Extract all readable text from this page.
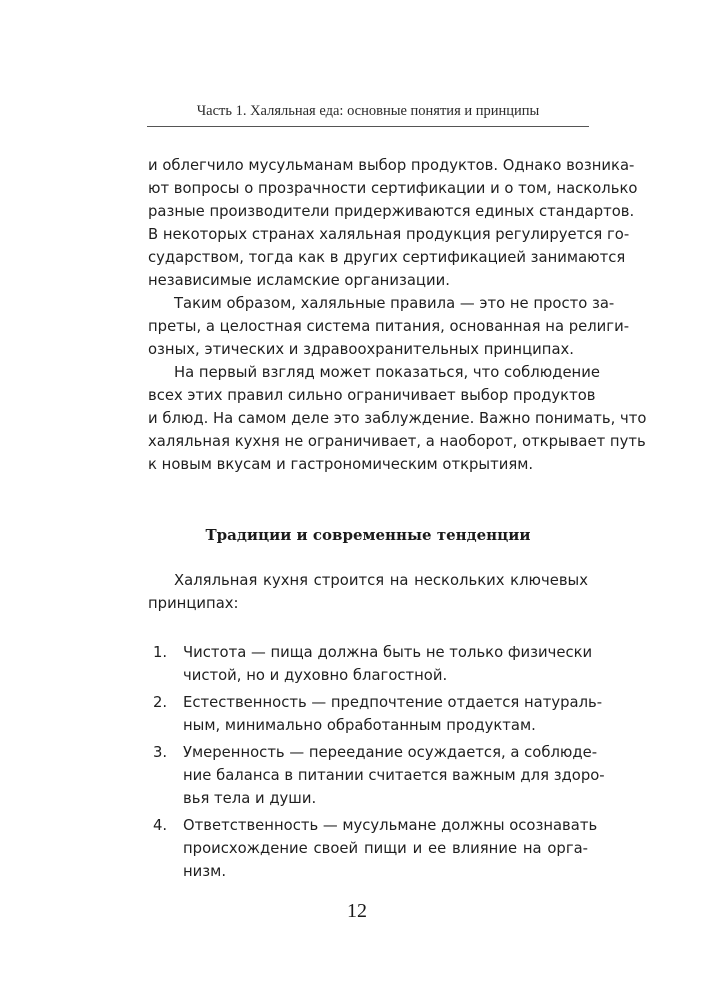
Часть 1. Халяльная еда: основные понятия и принципы
и облегчило мусульманам выбор продуктов. Однако возника-
ют вопросы о прозрачности сертификации и о том, насколько
разные производители придерживаются единых стандартов.
В некоторых странах халяльная продукция регулируется го-
сударством, тогда как в других сертификацией занимаются
независимые исламские организации.
Таким образом, халяльные правила — это не просто за-
преты, а целостная система питания, основанная на религи-
озных, этических и здравоохранительных принципах.
На первый взгляд может показаться, что соблюдение
всех этих правил сильно ограничивает выбор продуктов
и блюд. На самом деле это заблуждение. Важно понимать, что
халяльная кухня не ограничивает, а наоборот, открывает путь
к новым вкусам и гастрономическим открытиям.
Традиции и современные тенденции
Халяльная кухня строится на нескольких ключевых
принципах:
1. Чистота — пища должна быть не только физически
чистой, но и духовно благостной.
2. Естественность — предпочтение отдается натураль-
ным, минимально обработанным продуктам.
3. Умеренность — переедание осуждается, а соблюде-
ние баланса в питании считается важным для здоро-
вья тела и души.
4. Ответственность — мусульмане должны осознавать
происхождение своей пищи и ее влияние на орга-
низм.
12
